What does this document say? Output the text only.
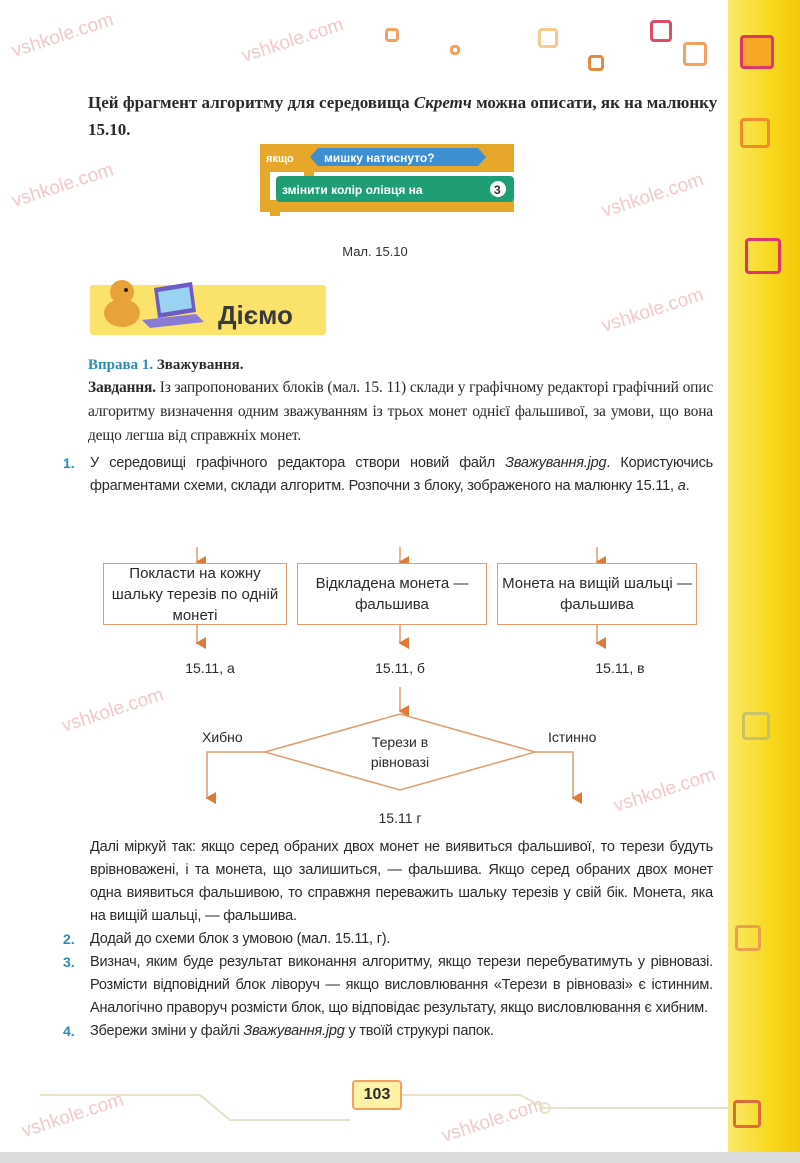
vshkole.com	vshkole.com
vshkole.com	vshkole.com
vshkole.com
vshkole.com
vshkole.com
vshkole.com	vshkole.com
Цей фрагмент алгоритму для середовища Скретч можна описати, як на малюнку 15.10.
якщо	мишку натиснуто?
змінити колір олівця на	3
Мал. 15.10
Діємо
Вправа 1. Зважування.
Завдання. Із запропонованих блоків (мал. 15. 11) склади у графічному редакторі графічний опис алгоритму визначення одним зважуванням із трьох монет однієї фальшивої, за умови, що вона дещо легша від справжніх монет.
1.	У середовищі графічного редактора створи новий файл Зважування.jpg. Користуючись фрагментами схеми, склади алгоритм. Розпочни з блоку, зображеного на малюнку 15.11, а.
Покласти на кожну шальку терезів по одній монеті
Відкладена монета — фальшива
Монета на вищій шальці — фальшива
15.11, а	15.11, б	15.11, в
Терези в рівновазі
Хибно	Істинно
15.11 г
Далі міркуй так: якщо серед обраних двох монет не виявиться фальшивої, то терези будуть врівноважені, і та монета, що залишиться, — фальшива. Якщо серед обраних двох монет одна виявиться фальшивою, то справжня переважить шальку терезів у свій бік. Монета, яка на вищій шальці, — фальшива.
2.	Додай до схеми блок з умовою (мал. 15.11, г).
3.	Визнач, яким буде результат виконання алгоритму, якщо терези перебуватимуть у рівновазі. Розмісти відповідний блок ліворуч — якщо висловлювання «Терези в рівновазі» є істинним. Аналогічно праворуч розмісти блок, що відповідає результату, якщо висловлювання є хибним.
4.	Збережи зміни у файлі Зважування.jpg у твоїй струкурі папок.
103
